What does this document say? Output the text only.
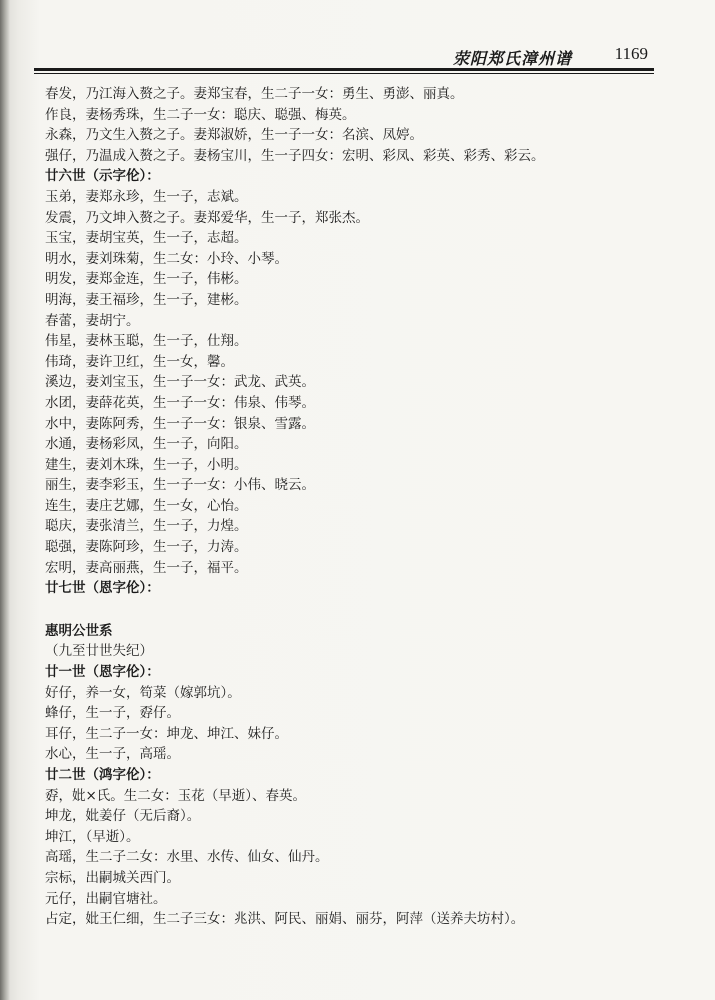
荥阳郑氏漳州谱	1169
春发，乃江海入赘之子。妻郑宝春，生二子一女：勇生、勇澎、丽真。
作良，妻杨秀珠，生二子一女：聪庆、聪强、梅英。
永森，乃文生入赘之子。妻郑淑娇，生一子一女：名滨、凤婷。
强仔，乃温成入赘之子。妻杨宝川，生一子四女：宏明、彩凤、彩英、彩秀、彩云。
廿六世（示字伦）：
玉弟，妻郑永珍，生一子，志斌。
发震，乃文坤入赘之子。妻郑爱华，生一子，郑张杰。
玉宝，妻胡宝英，生一子，志超。
明水，妻刘珠菊，生二女：小玲、小琴。
明发，妻郑金连，生一子，伟彬。
明海，妻王福珍，生一子，建彬。
春蕾，妻胡宁。
伟星，妻林玉聪，生一子，仕翔。
伟琦，妻许卫红，生一女，馨。
溪边，妻刘宝玉，生一子一女：武龙、武英。
水团，妻薛花英，生一子一女：伟泉、伟琴。
水中，妻陈阿秀，生一子一女：银泉、雪露。
水通，妻杨彩凤，生一子，向阳。
建生，妻刘木珠，生一子，小明。
丽生，妻李彩玉，生一子一女：小伟、晓云。
连生，妻庄艺娜，生一女，心怡。
聪庆，妻张清兰，生一子，力煌。
聪强，妻陈阿珍，生一子，力涛。
宏明，妻高丽燕，生一子，福平。
廿七世（恩字伦）：
惠明公世系
（九至廿世失纪）
廿一世（恩字伦）：
好仔，养一女，笱菜（嫁郭坑）。
蜂仔，生一子，孬仔。
耳仔，生二子一女：坤龙、坤江、妹仔。
水心，生一子，高瑶。
廿二世（鸿字伦）：
孬，妣×氏。生二女：玉花（早逝）、春英。
坤龙，妣姜仔（无后裔）。
坤江，（早逝）。
高瑶，生二子二女：水里、水传、仙女、仙丹。
宗标，出嗣城关西门。
元仔，出嗣官塘社。
占定，妣王仁细，生二子三女：兆洪、阿民、丽娟、丽芬，阿萍（送养夫坊村）。
